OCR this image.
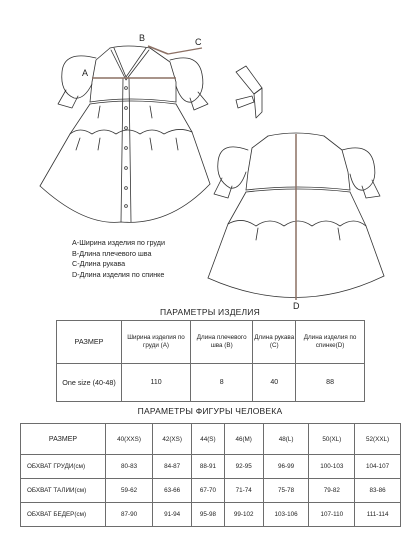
A
B	C
D
A-Ширина изделия по груди
B-Длина плечевого шва
C-Длина рукава
D-Длина изделия по спинке
ПАРАМЕТРЫ ИЗДЕЛИЯ
РАЗМЕР	Ширина изделия по груди (А)	Длина плечевого шва (B)	Длина рукава (C)	Длина изделия по спинке(D)
One size (40-48)	110	8	40	88
ПАРАМЕТРЫ ФИГУРЫ ЧЕЛОВЕКА
РАЗМЕР	40(XXS)	42(XS)	44(S)	46(M)	48(L)	50(XL)	52(XXL)
ОБХВАТ ГРУДИ(см)	80-83	84-87	88-91	92-95	96-99	100-103	104-107
ОБХВАТ ТАЛИИ(см)	59-62	63-66	67-70	71-74	75-78	79-82	83-86
ОБХВАТ БЕДЕР(см)	87-90	91-94	95-98	99-102	103-106	107-110	111-114
